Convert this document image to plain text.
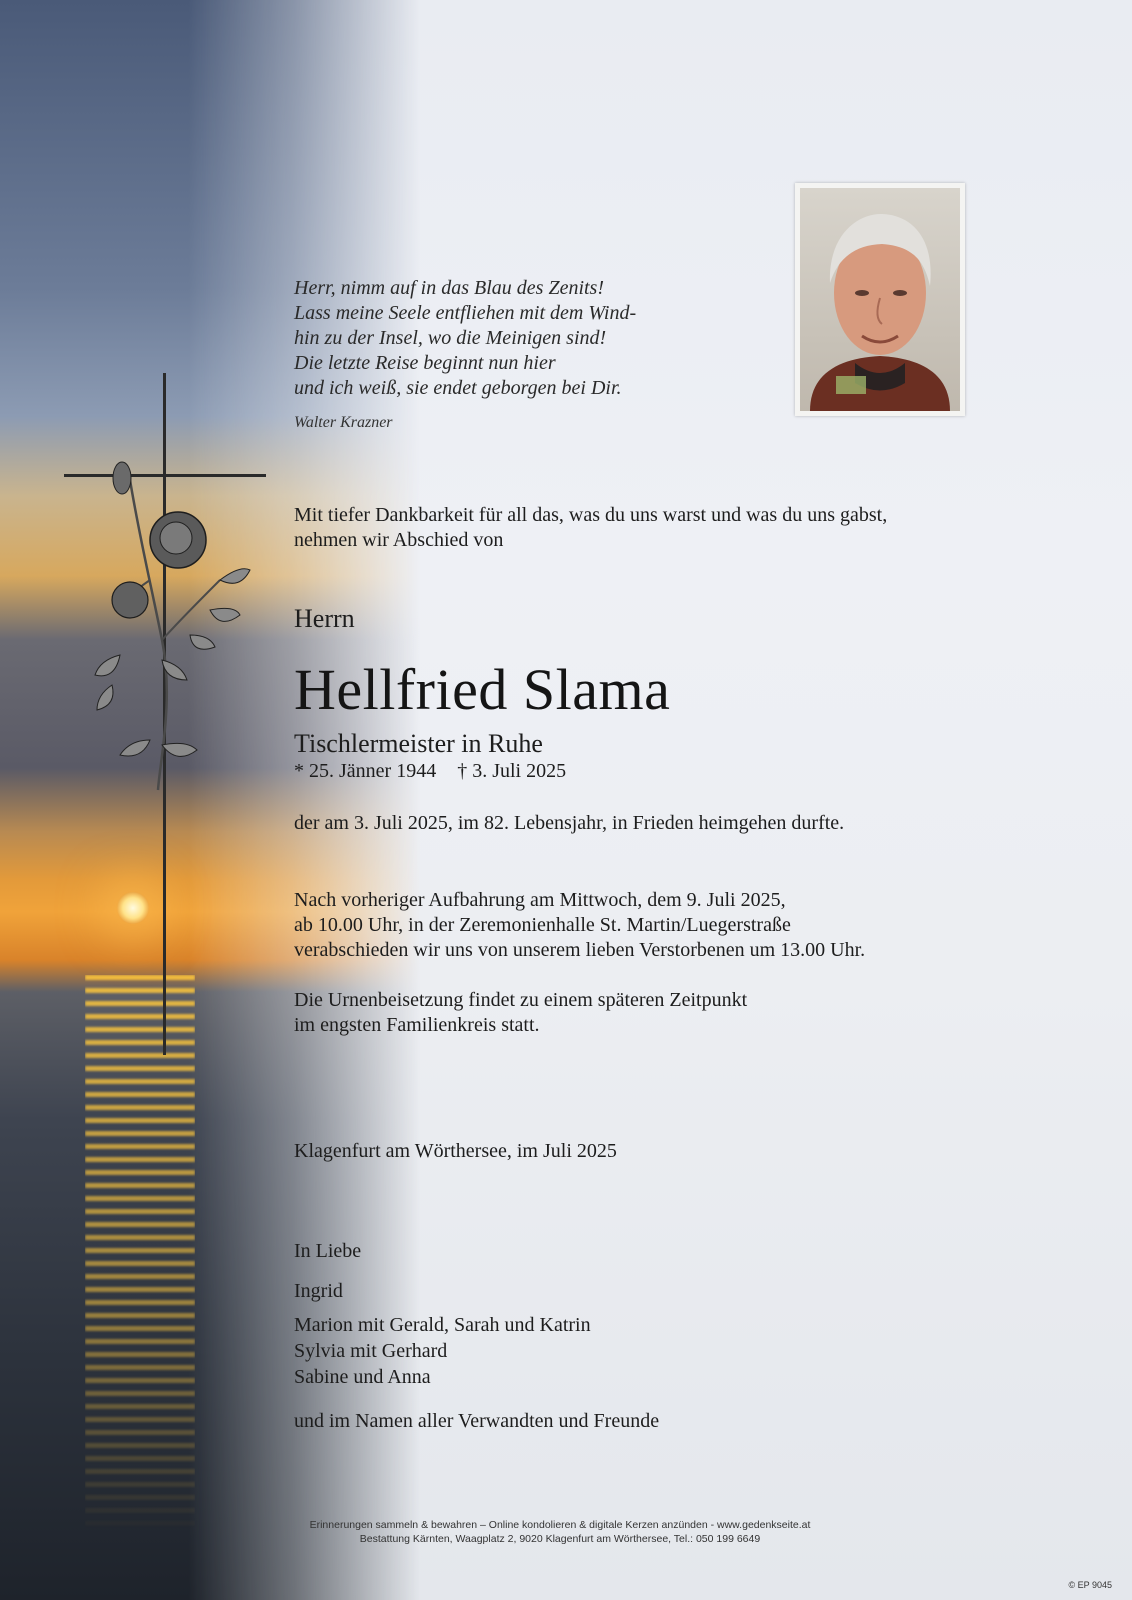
Herr, nimm auf in das Blau des Zenits!
Lass meine Seele entfliehen mit dem Wind-
hin zu der Insel, wo die Meinigen sind!
Die letzte Reise beginnt nun hier
und ich weiß, sie endet geborgen bei Dir.
Walter Krazner
Mit tiefer Dankbarkeit für all das, was du uns warst und was du uns gabst,
nehmen wir Abschied von
Herrn
Hellfried Slama
Tischlermeister in Ruhe
* 25. Jänner 1944 † 3. Juli 2025
der am 3. Juli 2025, im 82. Lebensjahr, in Frieden heimgehen durfte.
Nach vorheriger Aufbahrung am Mittwoch, dem 9. Juli 2025,
ab 10.00 Uhr, in der Zeremonienhalle St. Martin/Luegerstraße
verabschieden wir uns von unserem lieben Verstorbenen um 13.00 Uhr.
Die Urnenbeisetzung findet zu einem späteren Zeitpunkt
im engsten Familienkreis statt.
Klagenfurt am Wörthersee, im Juli 2025
In Liebe
Ingrid
Marion mit Gerald, Sarah und Katrin
Sylvia mit Gerhard
Sabine und Anna
und im Namen aller Verwandten und Freunde
Erinnerungen sammeln & bewahren – Online kondolieren & digitale Kerzen anzünden - www.gedenkseite.at
Bestattung Kärnten, Waagplatz 2, 9020 Klagenfurt am Wörthersee, Tel.: 050 199 6649
© EP 9045
